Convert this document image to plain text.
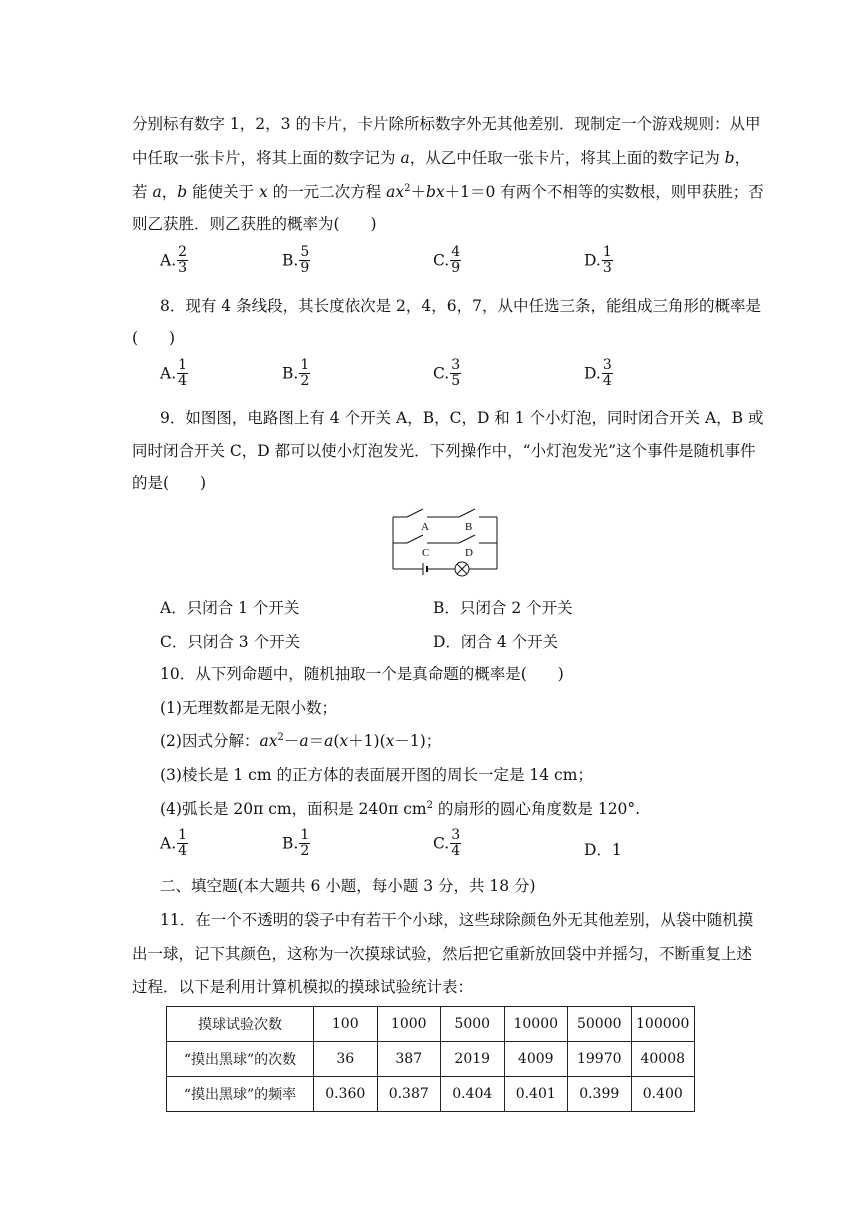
分别标有数字 1，2，3 的卡片，卡片除所标数字外无其他差别．现制定一个游戏规则：从甲
中任取一张卡片，将其上面的数字记为 a，从乙中任取一张卡片，将其上面的数字记为 b，
若 a，b 能使关于 x 的一元二次方程 $ax^2+bx+1=0$ 有两个不相等的实数根，则甲获胜；否
则乙获胜．则乙获胜的概率为(　　)
A. $\frac{2}{3}$	B. $\frac{5}{9}$	C. $\frac{4}{9}$	D. $\frac{1}{3}$
8．现有 4 条线段，其长度依次是 2，4，6，7，从中任选三条，能组成三角形的概率是
(　　)
A. $\frac{1}{4}$	B. $\frac{1}{2}$	C. $\frac{3}{5}$	D. $\frac{3}{4}$
9．如图图，电路图上有 4 个开关 A，B，C，D 和 1 个小灯泡，同时闭合开关 A，B 或
同时闭合开关 C，D 都可以使小灯泡发光．下列操作中，“小灯泡发光”这个事件是随机事件
的是(　　)
A	B
C	D
A．只闭合 1 个开关	B．只闭合 2 个开关
C．只闭合 3 个开关	D．闭合 4 个开关
10．从下列命题中，随机抽取一个是真命题的概率是(　　)
(1)无理数都是无限小数；
(2)因式分解：$ax^2-a=a(x+1)(x-1)$；
(3)棱长是 1 cm 的正方体的表面展开图的周长一定是 14 cm；
(4)弧长是 20π cm，面积是 240π $cm^2$ 的扇形的圆心角度数是 120°.
A. $\frac{1}{4}$	B. $\frac{1}{2}$	C. $\frac{3}{4}$	D．1
二、填空题(本大题共 6 小题，每小题 3 分，共 18 分)
11．在一个不透明的袋子中有若干个小球，这些球除颜色外无其他差别，从袋中随机摸
出一球，记下其颜色，这称为一次摸球试验，然后把它重新放回袋中并摇匀，不断重复上述
过程．以下是利用计算机模拟的摸球试验统计表：
摸球试验次数	100	1000	5000	10000	50000	100000
“摸出黑球”的次数	36	387	2019	4009	19970	40008
“摸出黑球”的频率	0.360	0.387	0.404	0.401	0.399	0.400
